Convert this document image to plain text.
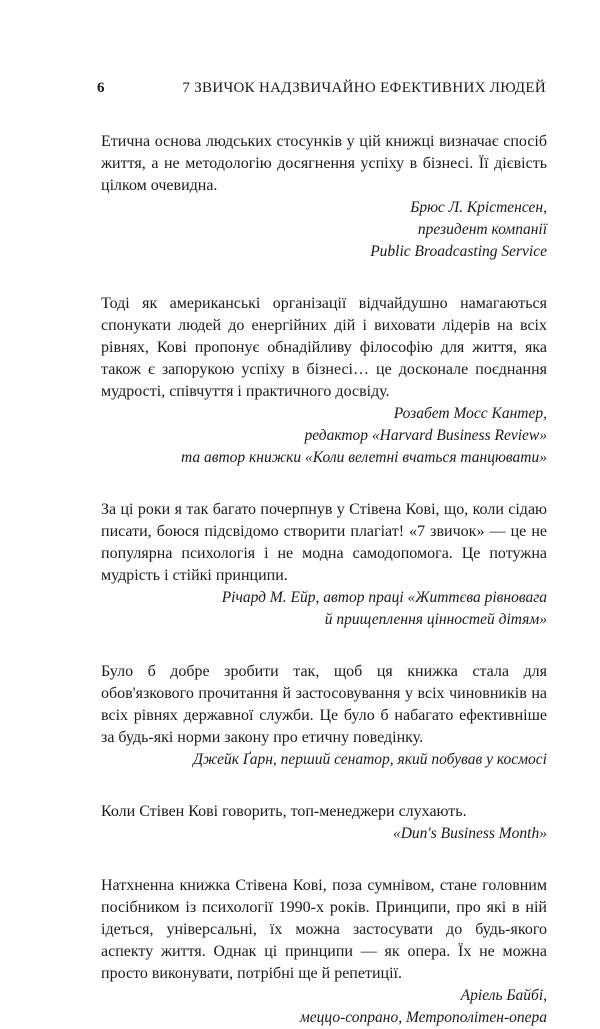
6	7 ЗВИЧОК НАДЗВИЧАЙНО ЕФЕКТИВНИХ ЛЮДЕЙ

Етична основа людських стосунків у цій книжці визначає спосіб життя, а не методологію досягнення успіху в бізнесі. Її дієвість цілком очевидна.

Брюс Л. Крістенсен,
президент компанії
Public Broadcasting Service

Тоді як американські організації відчайдушно намагаються спонукати людей до енергійних дій і виховати лідерів на всіх рівнях, Кові пропонує обнадійливу філософію для життя, яка також є запорукою успіху в бізнесі… це досконале поєднання мудрості, співчуття і практичного досвіду.

Розабет Мосс Кантер,
редактор «Harvard Business Review»
та автор книжки «Коли велетні вчаться танцювати»

За ці роки я так багато почерпнув у Стівена Кові, що, коли сідаю писати, боюся підсвідомо створити плагіат! «7 звичок» — це не популярна психологія і не модна самодопомога. Це потужна мудрість і стійкі принципи.

Річард М. Ейр, автор праці «Життєва рівновага
й прищеплення цінностей дітям»

Було б добре зробити так, щоб ця книжка стала для обов'язкового прочитання й застосовування у всіх чиновників на всіх рівнях державної служби. Це було б набагато ефективніше за будь-які норми закону про етичну поведінку.

Джейк Ґарн, перший сенатор, який побував у космосі

Коли Стівен Кові говорить, топ-менеджери слухають.

«Dun's Business Month»

Натхненна книжка Стівена Кові, поза сумнівом, стане головним посібником із психології 1990-х років. Принципи, про які в ній ідеться, універсальні, їх можна застосувати до будь-якого аспекту життя. Однак ці принципи — як опера. Їх не можна просто виконувати, потрібні ще й репетиції.

Аріель Байбі,
меццо-сопрано, Метрополітен-опера
